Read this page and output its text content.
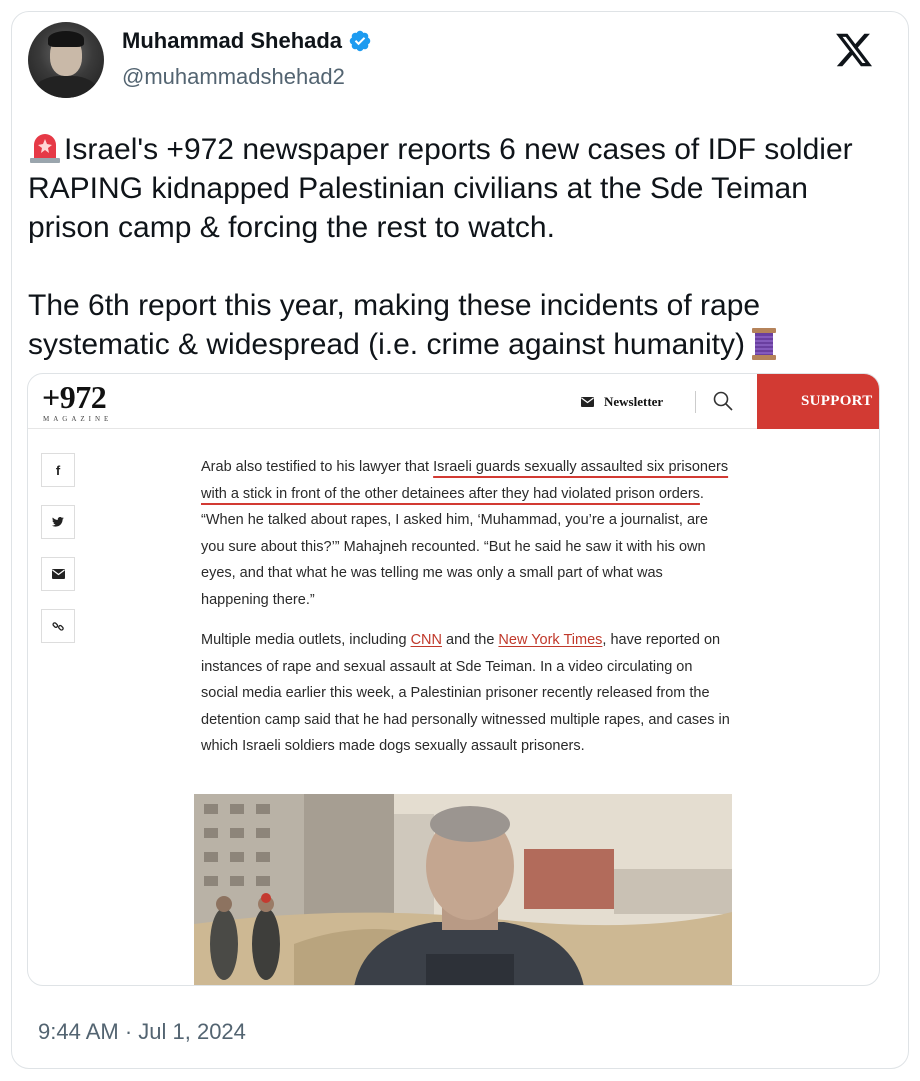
Muhammad Shehada
@muhammadshehad2
Israel's +972 newspaper reports 6 new cases of IDF soldier RAPING kidnapped Palestinian civilians at the Sde Teiman prison camp & forcing the rest to watch.

The 6th report this year, making these incidents of rape systematic & widespread (i.e. crime against humanity)
+972
MAGAZINE
Newsletter	SUPPORT
f	Arab also testified to his lawyer that Israeli guards sexually assaulted six prisoners with a stick in front of the other detainees after they had violated prison orders. “When he talked about rapes, I asked him, ‘Muhammad, you’re a journalist, are you sure about this?’” Mahajneh recounted. “But he said he saw it with his own eyes, and that what he was telling me was only a small part of what was happening there.”

Multiple media outlets, including CNN and the New York Times, have reported on instances of rape and sexual assault at Sde Teiman. In a video circulating on social media earlier this week, a Palestinian prisoner recently released from the detention camp said that he had personally witnessed multiple rapes, and cases in which Israeli soldiers made dogs sexually assault prisoners.

9:44 AM · Jul 1, 2024
